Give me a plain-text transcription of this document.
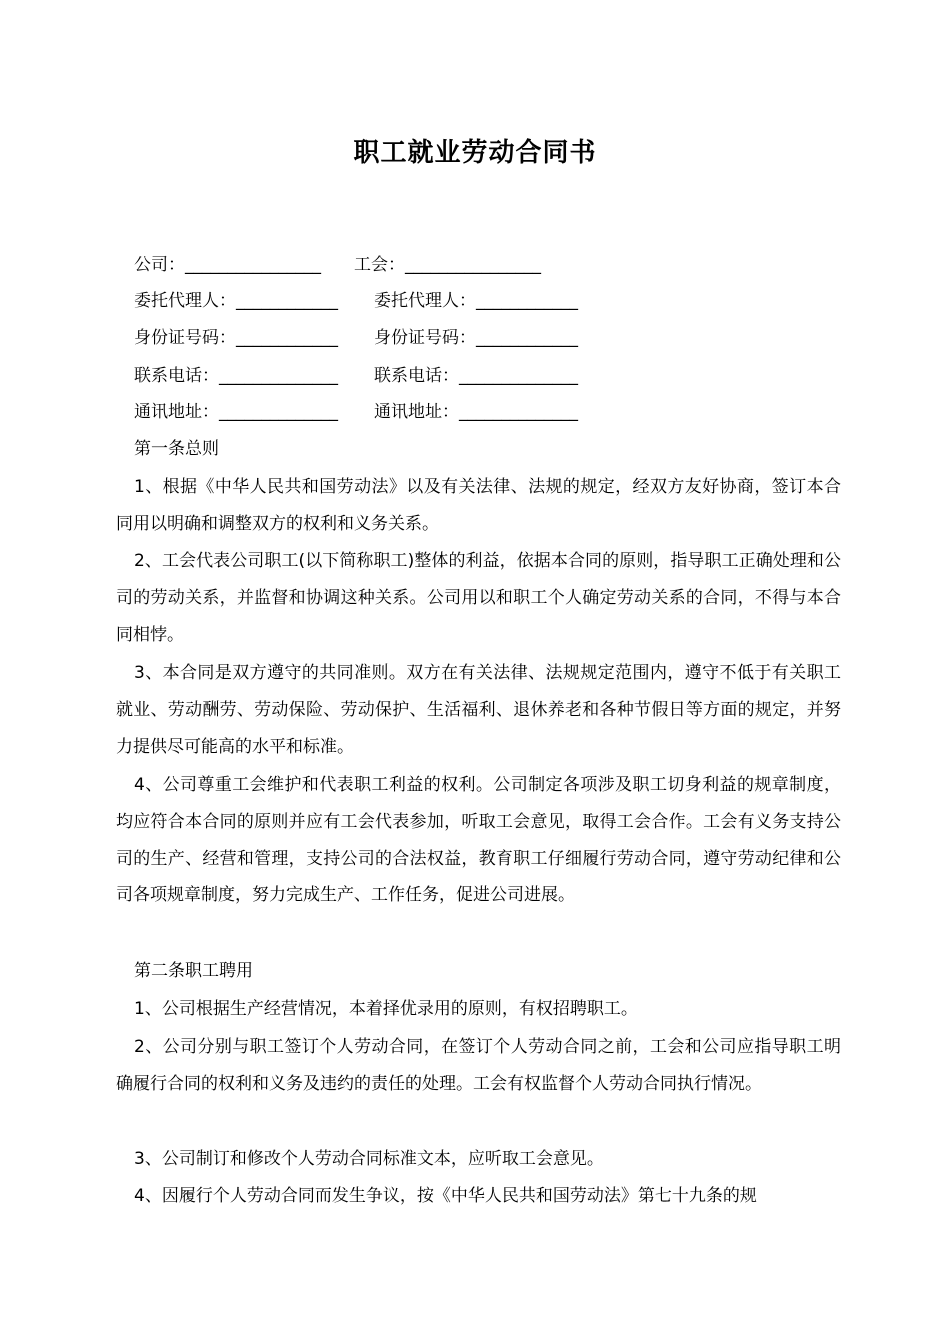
职工就业劳动合同书
公司：________________ 工会：________________
委托代理人：____________ 委托代理人：____________
身份证号码：____________ 身份证号码：____________
联系电话：______________ 联系电话：______________
通讯地址：______________ 通讯地址：______________
第一条总则

1、根据《中华人民共和国劳动法》以及有关法律、法规的规定，经双方友好协商，签订本合同用以明确和调整双方的权利和义务关系。

2、工会代表公司职工(以下简称职工)整体的利益，依据本合同的原则，指导职工正确处理和公司的劳动关系，并监督和协调这种关系。公司用以和职工个人确定劳动关系的合同，不得与本合同相悖。

3、本合同是双方遵守的共同准则。双方在有关法律、法规规定范围内，遵守不低于有关职工就业、劳动酬劳、劳动保险、劳动保护、生活福利、退休养老和各种节假日等方面的规定，并努力提供尽可能高的水平和标准。

4、公司尊重工会维护和代表职工利益的权利。公司制定各项涉及职工切身利益的规章制度，均应符合本合同的原则并应有工会代表参加，听取工会意见，取得工会合作。工会有义务支持公司的生产、经营和管理，支持公司的合法权益，教育职工仔细履行劳动合同，遵守劳动纪律和公司各项规章制度，努力完成生产、工作任务，促进公司进展。

第二条职工聘用

1、公司根据生产经营情况，本着择优录用的原则，有权招聘职工。

2、公司分别与职工签订个人劳动合同，在签订个人劳动合同之前，工会和公司应指导职工明确履行合同的权利和义务及违约的责任的处理。工会有权监督个人劳动合同执行情况。

3、公司制订和修改个人劳动合同标准文本，应听取工会意见。

4、因履行个人劳动合同而发生争议，按《中华人民共和国劳动法》第七十九条的规
